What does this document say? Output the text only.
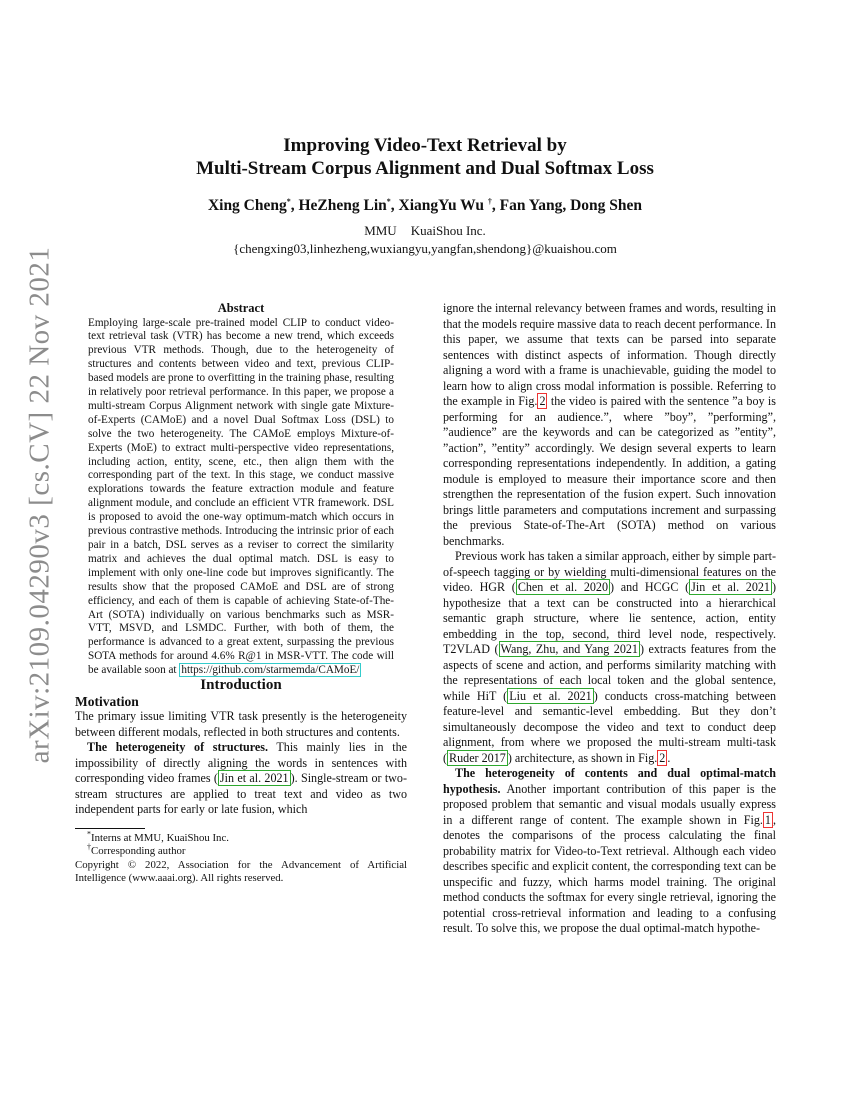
arXiv:2109.04290v3 [cs.CV] 22 Nov 2021
Improving Video-Text Retrieval by
Multi-Stream Corpus Alignment and Dual Softmax Loss
Xing Cheng*, HeZheng Lin*, XiangYu Wu †, Fan Yang, Dong Shen
MMU KuaiShou Inc.
{chengxing03,linhezheng,wuxiangyu,yangfan,shendong}@kuaishou.com

Abstract

Employing large-scale pre-trained model CLIP to conduct video-text retrieval task (VTR) has become a new trend, which exceeds previous VTR methods. Though, due to the heterogeneity of structures and contents between video and text, previous CLIP-based models are prone to overfitting in the training phase, resulting in relatively poor retrieval performance. In this paper, we propose a multi-stream Corpus Alignment network with single gate Mixture-of-Experts (CAMoE) and a novel Dual Softmax Loss (DSL) to solve the two heterogeneity. The CAMoE employs Mixture-of-Experts (MoE) to extract multi-perspective video representations, including action, entity, scene, etc., then align them with the corresponding part of the text. In this stage, we conduct massive explorations towards the feature extraction module and feature alignment module, and conclude an efficient VTR framework. DSL is proposed to avoid the one-way optimum-match which occurs in previous contrastive methods. Introducing the intrinsic prior of each pair in a batch, DSL serves as a reviser to correct the similarity matrix and achieves the dual optimal match. DSL is easy to implement with only one-line code but improves significantly. The results show that the proposed CAMoE and DSL are of strong efficiency, and each of them is capable of achieving State-of-The-Art (SOTA) individually on various benchmarks such as MSR-VTT, MSVD, and LSMDC. Further, with both of them, the performance is advanced to a great extent, surpassing the previous SOTA methods for around 4.6% R@1 in MSR-VTT. The code will be available soon at https://github.com/starmemda/CAMoE/

Introduction

Motivation

The primary issue limiting VTR task presently is the heterogeneity between different modals, reflected in both structures and contents.

The heterogeneity of structures. This mainly lies in the impossibility of directly aligning the words in sentences with corresponding video frames ( Jin et al. 2021 ). Single-stream or two-stream structures are applied to treat text and video as two independent parts for early or late fusion, which

*Interns at MMU, KuaiShou Inc.
†Corresponding author
Copyright © 2022, Association for the Advancement of Artificial Intelligence (www.aaai.org). All rights reserved.

ignore the internal relevancy between frames and words, resulting in that the models require massive data to reach decent performance. In this paper, we assume that texts can be parsed into separate sentences with distinct aspects of information. Though directly aligning a word with a frame is unachievable, guiding the model to learn how to align cross modal information is possible. Referring to the example in Fig. 2 the video is paired with the sentence ”a boy is performing for an audience.”, where ”boy”, ”performing”, ”audience” are the keywords and can be categorized as ”entity”, ”action”, ”entity” accordingly. We design several experts to learn corresponding representations independently. In addition, a gating module is employed to measure their importance score and then strengthen the representation of the fusion expert. Such innovation brings little parameters and computations increment and surpassing the previous State-of-The-Art (SOTA) method on various benchmarks.

Previous work has taken a similar approach, either by simple part-of-speech tagging or by wielding multi-dimensional features on the video. HGR ( Chen et al. 2020 ) and HCGC ( Jin et al. 2021 ) hypothesize that a text can be constructed into a hierarchical semantic graph structure, where lie sentence, action, entity embedding in the top, second, third level node, respectively. T2VLAD ( Wang, Zhu, and Yang 2021 ) extracts features from the aspects of scene and action, and performs similarity matching with the representations of each local token and the global sentence, while HiT ( Liu et al. 2021 ) conducts cross-matching between feature-level and semantic-level embedding. But they don’t simultaneously decompose the video and text to conduct deep alignment, from where we proposed the multi-stream multi-task ( Ruder 2017 ) architecture, as shown in Fig. 2 .

The heterogeneity of contents and dual optimal-match hypothesis. Another important contribution of this paper is the proposed problem that semantic and visual modals usually express in a different range of content. The example shown in Fig. 1 , denotes the comparisons of the process calculating the final probability matrix for Video-to-Text retrieval. Although each video describes specific and explicit content, the corresponding text can be unspecific and fuzzy, which harms model training. The original method conducts the softmax for every single retrieval, ignoring the potential cross-retrieval information and leading to a confusing result. To solve this, we propose the dual optimal-match hypothe-
